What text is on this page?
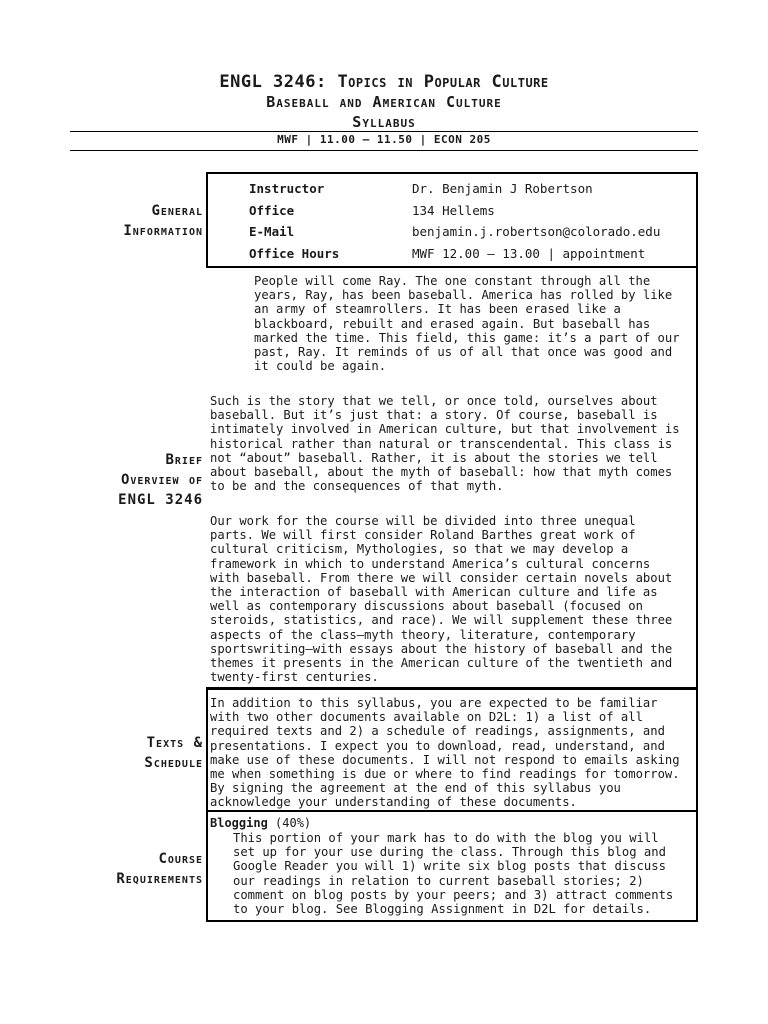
ENGL 3246: Topics in Popular Culture
Baseball and American Culture
Syllabus
MWF | 11.00 – 11.50 | ECON 205
General
Information
Instructor	Dr. Benjamin J Robertson
Office	134 Hellems
E-Mail	benjamin.j.robertson@colorado.edu
Office Hours	MWF 12.00 – 13.00 | appointment
Brief
Overview of
ENGL 3246

People will come Ray. The one constant through all the
years, Ray, has been baseball. America has rolled by like
an army of steamrollers. It has been erased like a
blackboard, rebuilt and erased again. But baseball has
marked the time. This field, this game: it’s a part of our
past, Ray. It reminds of us of all that once was good and
it could be again.

Such is the story that we tell, or once told, ourselves about
baseball. But it’s just that: a story. Of course, baseball is
intimately involved in American culture, but that involvement is
historical rather than natural or transcendental. This class is
not “about” baseball. Rather, it is about the stories we tell
about baseball, about the myth of baseball: how that myth comes
to be and the consequences of that myth.

Our work for the course will be divided into three unequal
parts. We will first consider Roland Barthes great work of
cultural criticism, Mythologies, so that we may develop a
framework in which to understand America’s cultural concerns
with baseball. From there we will consider certain novels about
the interaction of baseball with American culture and life as
well as contemporary discussions about baseball (focused on
steroids, statistics, and race). We will supplement these three
aspects of the class—myth theory, literature, contemporary
sportswriting—with essays about the history of baseball and the
themes it presents in the American culture of the twentieth and
twenty-first centuries.

Texts &
Schedule

In addition to this syllabus, you are expected to be familiar
with two other documents available on D2L: 1) a list of all
required texts and 2) a schedule of readings, assignments, and
presentations. I expect you to download, read, understand, and
make use of these documents. I will not respond to emails asking
me when something is due or where to find readings for tomorrow.
By signing the agreement at the end of this syllabus you
acknowledge your understanding of these documents.

Course
Requirements
Blogging (40%)

This portion of your mark has to do with the blog you will
set up for your use during the class. Through this blog and
Google Reader you will 1) write six blog posts that discuss
our readings in relation to current baseball stories; 2)
comment on blog posts by your peers; and 3) attract comments
to your blog. See Blogging Assignment in D2L for details.
